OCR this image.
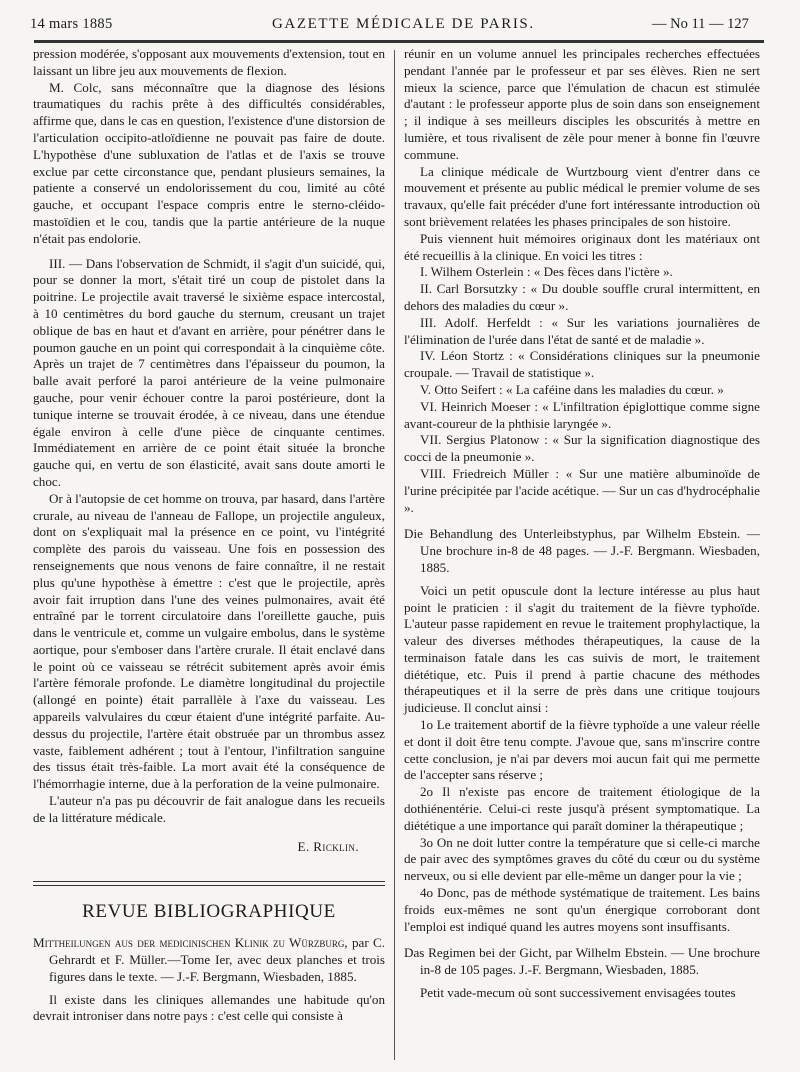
14 mars 1885	GAZETTE MÉDICALE DE PARIS.	— No 11 — 127

pression modérée, s'opposant aux mouvements d'extension, tout en laissant un libre jeu aux mouvements de flexion.

M. Colc, sans méconnaître que la diagnose des lésions traumatiques du rachis prête à des difficultés considérables, affirme que, dans le cas en question, l'existence d'une distorsion de l'articulation occipito-atloïdienne ne pouvait pas faire de doute. L'hypothèse d'une subluxation de l'atlas et de l'axis se trouve exclue par cette circonstance que, pendant plusieurs semaines, la patiente a conservé un endolorissement du cou, limité au côté gauche, et occupant l'espace compris entre le sterno-cléido-mastoïdien et le cou, tandis que la partie antérieure de la nuque n'était pas endolorie.

III. — Dans l'observation de Schmidt, il s'agit d'un suicidé, qui, pour se donner la mort, s'était tiré un coup de pistolet dans la poitrine. Le projectile avait traversé le sixième espace intercostal, à 10 centimètres du bord gauche du sternum, creusant un trajet oblique de bas en haut et d'avant en arrière, pour pénétrer dans le poumon gauche en un point qui correspondait à la cinquième côte. Après un trajet de 7 centimètres dans l'épaisseur du poumon, la balle avait perforé la paroi antérieure de la veine pulmonaire gauche, pour venir échouer contre la paroi postérieure, dont la tunique interne se trouvait érodée, à ce niveau, dans une étendue égale environ à celle d'une pièce de cinquante centimes. Immédiatement en arrière de ce point était située la bronche gauche qui, en vertu de son élasticité, avait sans doute amorti le choc.

Or à l'autopsie de cet homme on trouva, par hasard, dans l'artère crurale, au niveau de l'anneau de Fallope, un projectile anguleux, dont on s'expliquait mal la présence en ce point, vu l'intégrité complète des parois du vaisseau. Une fois en possession des renseignements que nous venons de faire connaître, il ne restait plus qu'une hypothèse à émettre : c'est que le projectile, après avoir fait irruption dans l'une des veines pulmonaires, avait été entraîné par le torrent circulatoire dans l'oreillette gauche, puis dans le ventricule et, comme un vulgaire embolus, dans le système aortique, pour s'emboser dans l'artère crurale. Il était enclavé dans le point où ce vaisseau se rétrécit subitement après avoir émis l'artère fémorale profonde. Le diamètre longitudinal du projectile (allongé en pointe) était parrallèle à l'axe du vaisseau. Les appareils valvulaires du cœur étaient d'une intégrité parfaite. Au-dessus du projectile, l'artère était obstruée par un thrombus assez vaste, faiblement adhérent ; tout à l'entour, l'infiltration sanguine des tissus était très-faible. La mort avait été la conséquence de l'hémorrhagie interne, due à la perforation de la veine pulmonaire.

L'auteur n'a pas pu découvrir de fait analogue dans les recueils de la littérature médicale.

E. Ricklin.
REVUE BIBLIOGRAPHIQUE

Mittheilungen aus der medicinischen Klinik zu Würzburg, par C. Gehrardt et F. Müller.—Tome Ier, avec deux planches et trois figures dans le texte. — J.-F. Bergmann, Wiesbaden, 1885.

Il existe dans les cliniques allemandes une habitude qu'on devrait introniser dans notre pays : c'est celle qui consiste à

réunir en un volume annuel les principales recherches effectuées pendant l'année par le professeur et par ses élèves. Rien ne sert mieux la science, parce que l'émulation de chacun est stimulée d'autant : le professeur apporte plus de soin dans son enseignement ; il indique à ses meilleurs disciples les obscurités à mettre en lumière, et tous rivalisent de zèle pour mener à bonne fin l'œuvre commune.

La clinique médicale de Wurtzbourg vient d'entrer dans ce mouvement et présente au public médical le premier volume de ses travaux, qu'elle fait précéder d'une fort intéressante introduction où sont brièvement relatées les phases principales de son histoire.

Puis viennent huit mémoires originaux dont les matériaux ont été recueillis à la clinique. En voici les titres :

I. Wilhem Osterlein : « Des fèces dans l'ictère ».

II. Carl Borsutzky : « Du double souffle crural intermittent, en dehors des maladies du cœur ».

III. Adolf. Herfeldt : « Sur les variations journalières de l'élimination de l'urée dans l'état de santé et de maladie ».

IV. Léon Stortz : « Considérations cliniques sur la pneumonie croupale. — Travail de statistique ».

V. Otto Seifert : « La caféine dans les maladies du cœur. »

VI. Heinrich Moeser : « L'infiltration épiglottique comme signe avant-coureur de la phthisie laryngée ».

VII. Sergius Platonow : « Sur la signification diagnostique des cocci de la pneumonie ».

VIII. Friedreich Müller : « Sur une matière albuminoïde de l'urine précipitée par l'acide acétique. — Sur un cas d'hydrocéphalie ».

Die Behandlung des Unterleibstyphus, par Wilhelm Ebstein. — Une brochure in-8 de 48 pages. — J.-F. Bergmann. Wiesbaden, 1885.

Voici un petit opuscule dont la lecture intéresse au plus haut point le praticien : il s'agit du traitement de la fièvre typhoïde. L'auteur passe rapidement en revue le traitement prophylactique, la valeur des diverses méthodes thérapeutiques, la cause de la terminaison fatale dans les cas suivis de mort, le traitement diététique, etc. Puis il prend à partie chacune des méthodes thérapeutiques et il la serre de près dans une critique toujours judicieuse. Il conclut ainsi :

1o Le traitement abortif de la fièvre typhoïde a une valeur réelle et dont il doit être tenu compte. J'avoue que, sans m'inscrire contre cette conclusion, je n'ai par devers moi aucun fait qui me permette de l'accepter sans réserve ;

2o Il n'existe pas encore de traitement étiologique de la dothiénentérie. Celui-ci reste jusqu'à présent symptomatique. La diététique a une importance qui paraît dominer la thérapeutique ;

3o On ne doit lutter contre la température que si celle-ci marche de pair avec des symptômes graves du côté du cœur ou du système nerveux, ou si elle devient par elle-même un danger pour la vie ;

4o Donc, pas de méthode systématique de traitement. Les bains froids eux-mêmes ne sont qu'un énergique corroborant dont l'emploi est indiqué quand les autres moyens sont insuffisants.

Das Regimen bei der Gicht, par Wilhelm Ebstein. — Une brochure in-8 de 105 pages. J.-F. Bergmann, Wiesbaden, 1885.

Petit vade-mecum où sont successivement envisagées toutes
